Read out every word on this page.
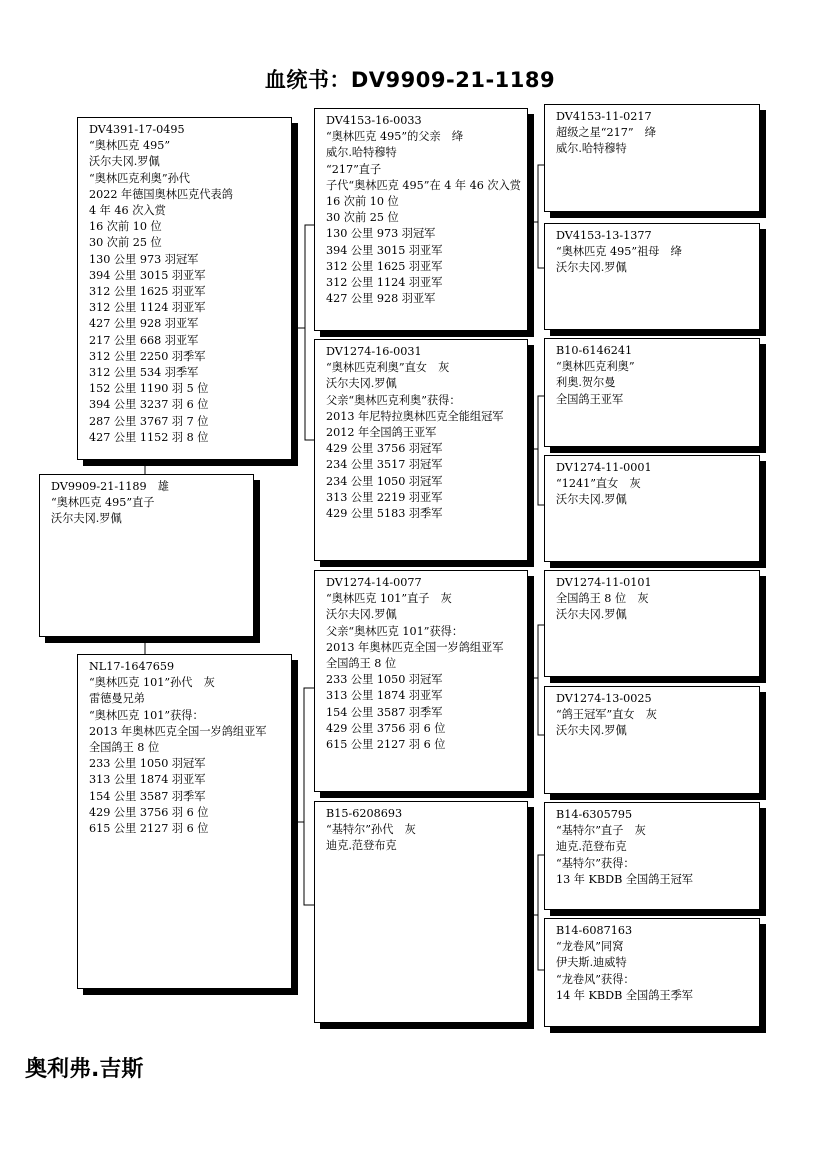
血统书：DV9909-21-1189
DV9909-21-1189　雄
“奥林匹克 495”直子
沃尔夫冈.罗佩
DV4391-17-0495
“奥林匹克 495”
沃尔夫冈.罗佩
“奥林匹克利奥”孙代
2022 年德国奥林匹克代表鸽
4 年 46 次入赏
16 次前 10 位
30 次前 25 位
130 公里 973 羽冠军
394 公里 3015 羽亚军
312 公里 1625 羽亚军
312 公里 1124 羽亚军
427 公里 928 羽亚军
217 公里 668 羽亚军
312 公里 2250 羽季军
312 公里 534 羽季军
152 公里 1190 羽 5 位
394 公里 3237 羽 6 位
287 公里 3767 羽 7 位
427 公里 1152 羽 8 位
NL17-1647659
“奥林匹克 101”孙代　灰
雷德曼兄弟
“奥林匹克 101”获得：
2013 年奥林匹克全国一岁鸽组亚军
全国鸽王 8 位
233 公里 1050 羽冠军
313 公里 1874 羽亚军
154 公里 3587 羽季军
429 公里 3756 羽 6 位
615 公里 2127 羽 6 位
DV4153-16-0033
“奥林匹克 495”的父亲　绛
威尔.哈特穆特
“217”直子
子代“奥林匹克 495”在 4 年 46 次入赏
16 次前 10 位
30 次前 25 位
130 公里 973 羽冠军
394 公里 3015 羽亚军
312 公里 1625 羽亚军
312 公里 1124 羽亚军
427 公里 928 羽亚军
DV1274-16-0031
“奥林匹克利奥”直女　灰
沃尔夫冈.罗佩
父亲“奥林匹克利奥”获得：
2013 年尼特拉奥林匹克全能组冠军
2012 年全国鸽王亚军
429 公里 3756 羽冠军
234 公里 3517 羽冠军
234 公里 1050 羽冠军
313 公里 2219 羽亚军
429 公里 5183 羽季军
DV1274-14-0077
“奥林匹克 101”直子　灰
沃尔夫冈.罗佩
父亲“奥林匹克 101”获得：
2013 年奥林匹克全国一岁鸽组亚军
全国鸽王 8 位
233 公里 1050 羽冠军
313 公里 1874 羽亚军
154 公里 3587 羽季军
429 公里 3756 羽 6 位
615 公里 2127 羽 6 位
B15-6208693
“基特尔”孙代　灰
迪克.范登布克
DV4153-11-0217
超级之星“217”　绛
威尔.哈特穆特
DV4153-13-1377
“奥林匹克 495”祖母　绛
沃尔夫冈.罗佩
B10-6146241
“奥林匹克利奥”
利奥.贺尔曼
全国鸽王亚军
DV1274-11-0001
“1241”直女　灰
沃尔夫冈.罗佩
DV1274-11-0101
全国鸽王 8 位　灰
沃尔夫冈.罗佩
DV1274-13-0025
“鸽王冠军”直女　灰
沃尔夫冈.罗佩
B14-6305795
“基特尔”直子　灰
迪克.范登布克
“基特尔”获得：
13 年 KBDB 全国鸽王冠军
B14-6087163
“龙卷风”同窝
伊夫斯.迪威特
“龙卷风”获得：
14 年 KBDB 全国鸽王季军
奥利弗.吉斯
